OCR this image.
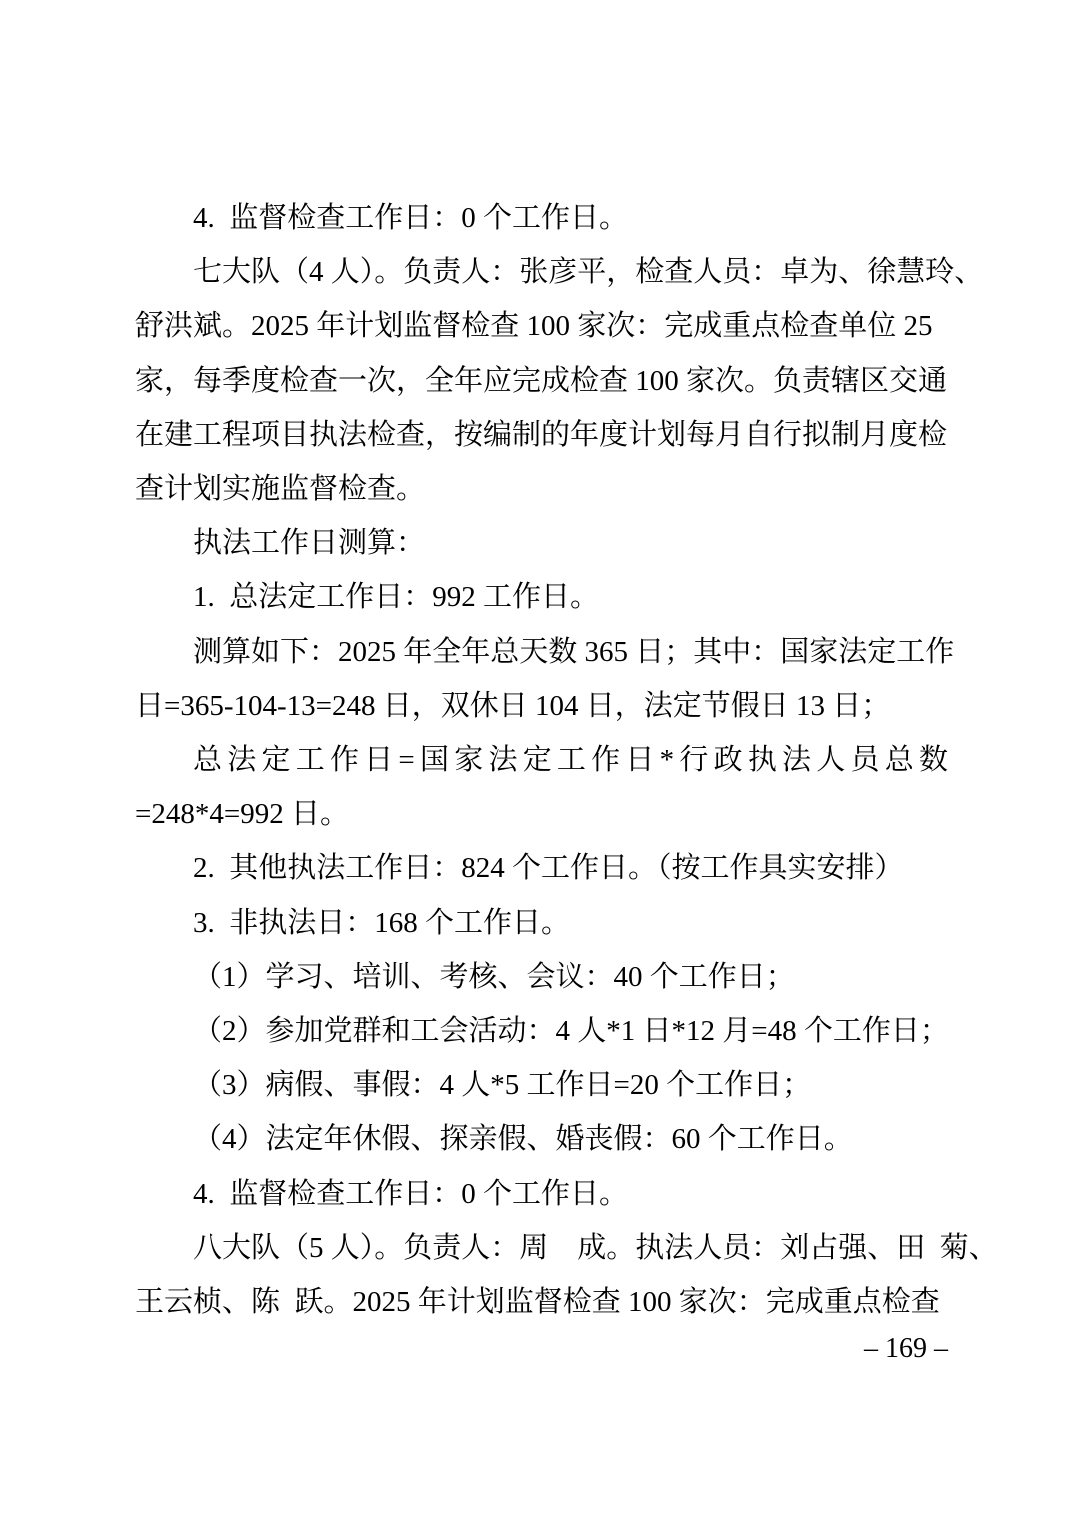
4.  监督检查工作日：0 个工作日。
七大队（4 人）。负责人：张彦平，检查人员：卓为、徐慧玲、
舒洪斌。2025 年计划监督检查 100 家次：完成重点检查单位 25
家，每季度检查一次，全年应完成检查 100 家次。负责辖区交通
在建工程项目执法检查，按编制的年度计划每月自行拟制月度检
查计划实施监督检查。
执法工作日测算：
1.  总法定工作日：992 工作日。
测算如下：2025 年全年总天数 365 日；其中：国家法定工作
日=365-104-13=248 日，双休日 104 日，法定节假日 13 日；
总 法 定 工 作 日 = 国 家 法 定 工 作 日 * 行 政 执 法 人 员 总 数
=248*4=992 日。
2.  其他执法工作日：824 个工作日。（按工作具实安排）
3.  非执法日：168 个工作日。
（1）学习、培训、考核、会议：40 个工作日；
（2）参加党群和工会活动：4 人*1 日*12 月=48 个工作日；
（3）病假、事假：4 人*5 工作日=20 个工作日；
（4）法定年休假、探亲假、婚丧假：60 个工作日。
4.  监督检查工作日：0 个工作日。
八大队（5 人）。负责人：周　成。执法人员：刘占强、田  菊、
王云桢、陈  跃。2025 年计划监督检查 100 家次：完成重点检查
– 169 –
